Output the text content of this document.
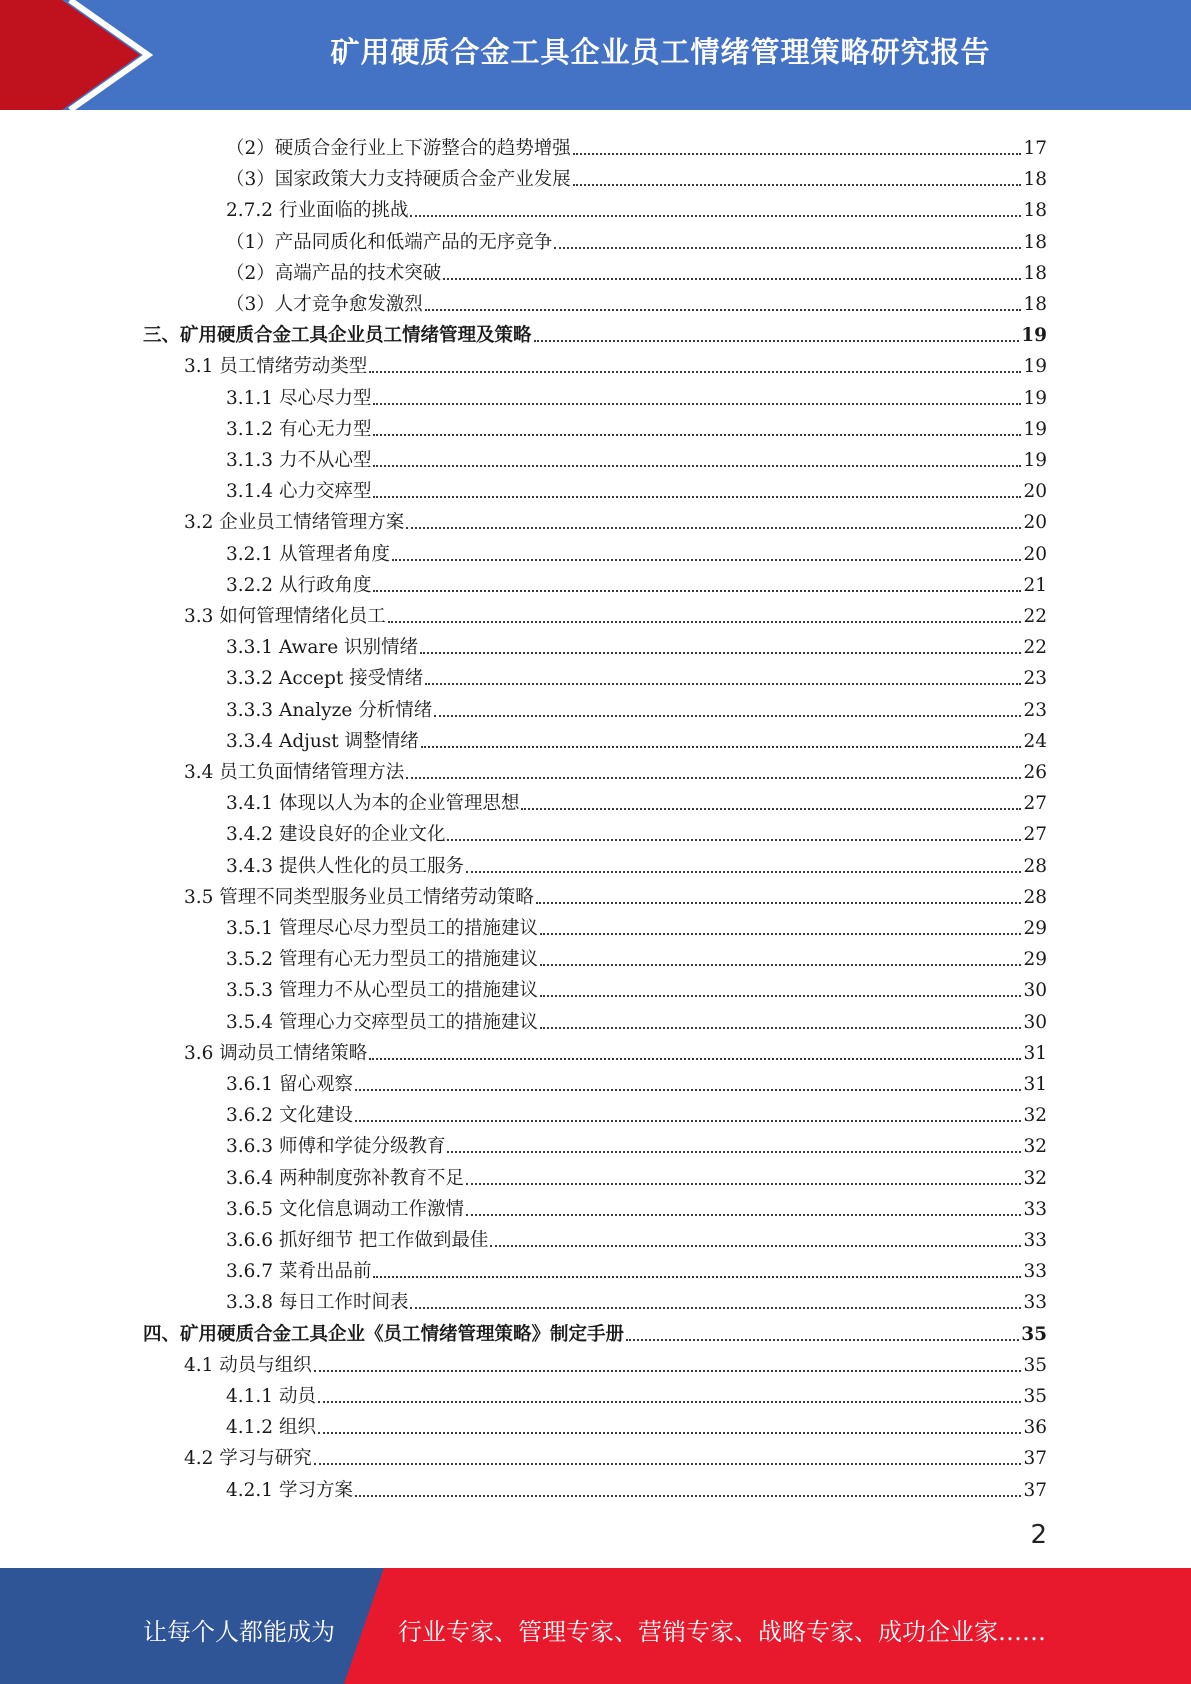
矿用硬质合金工具企业员工情绪管理策略研究报告
（2）硬质合金行业上下游整合的趋势增强	17
（3）国家政策大力支持硬质合金产业发展	18
2.7.2 行业面临的挑战	18
（1）产品同质化和低端产品的无序竞争	18
（2）高端产品的技术突破	18
（3）人才竞争愈发激烈	18
三、矿用硬质合金工具企业员工情绪管理及策略	19
3.1 员工情绪劳动类型	19
3.1.1 尽心尽力型	19
3.1.2 有心无力型	19
3.1.3 力不从心型	19
3.1.4 心力交瘁型	20
3.2 企业员工情绪管理方案	20
3.2.1 从管理者角度	20
3.2.2 从行政角度	21
3.3 如何管理情绪化员工	22
3.3.1 Aware 识别情绪	22
3.3.2 Accept 接受情绪	23
3.3.3 Analyze 分析情绪	23
3.3.4 Adjust 调整情绪	24
3.4 员工负面情绪管理方法	26
3.4.1 体现以人为本的企业管理思想	27
3.4.2 建设良好的企业文化	27
3.4.3 提供人性化的员工服务	28
3.5 管理不同类型服务业员工情绪劳动策略	28
3.5.1 管理尽心尽力型员工的措施建议	29
3.5.2 管理有心无力型员工的措施建议	29
3.5.3 管理力不从心型员工的措施建议	30
3.5.4 管理心力交瘁型员工的措施建议	30
3.6 调动员工情绪策略	31
3.6.1 留心观察	31
3.6.2 文化建设	32
3.6.3 师傅和学徒分级教育	32
3.6.4 两种制度弥补教育不足	32
3.6.5 文化信息调动工作激情	33
3.6.6 抓好细节 把工作做到最佳	33
3.6.7 菜肴出品前	33
3.3.8 每日工作时间表	33
四、矿用硬质合金工具企业《员工情绪管理策略》制定手册	35
4.1 动员与组织	35
4.1.1 动员	35
4.1.2 组织	36
4.2 学习与研究	37
4.2.1 学习方案	37
2
让每个人都能成为	行业专家、管理专家、营销专家、战略专家、成功企业家……
